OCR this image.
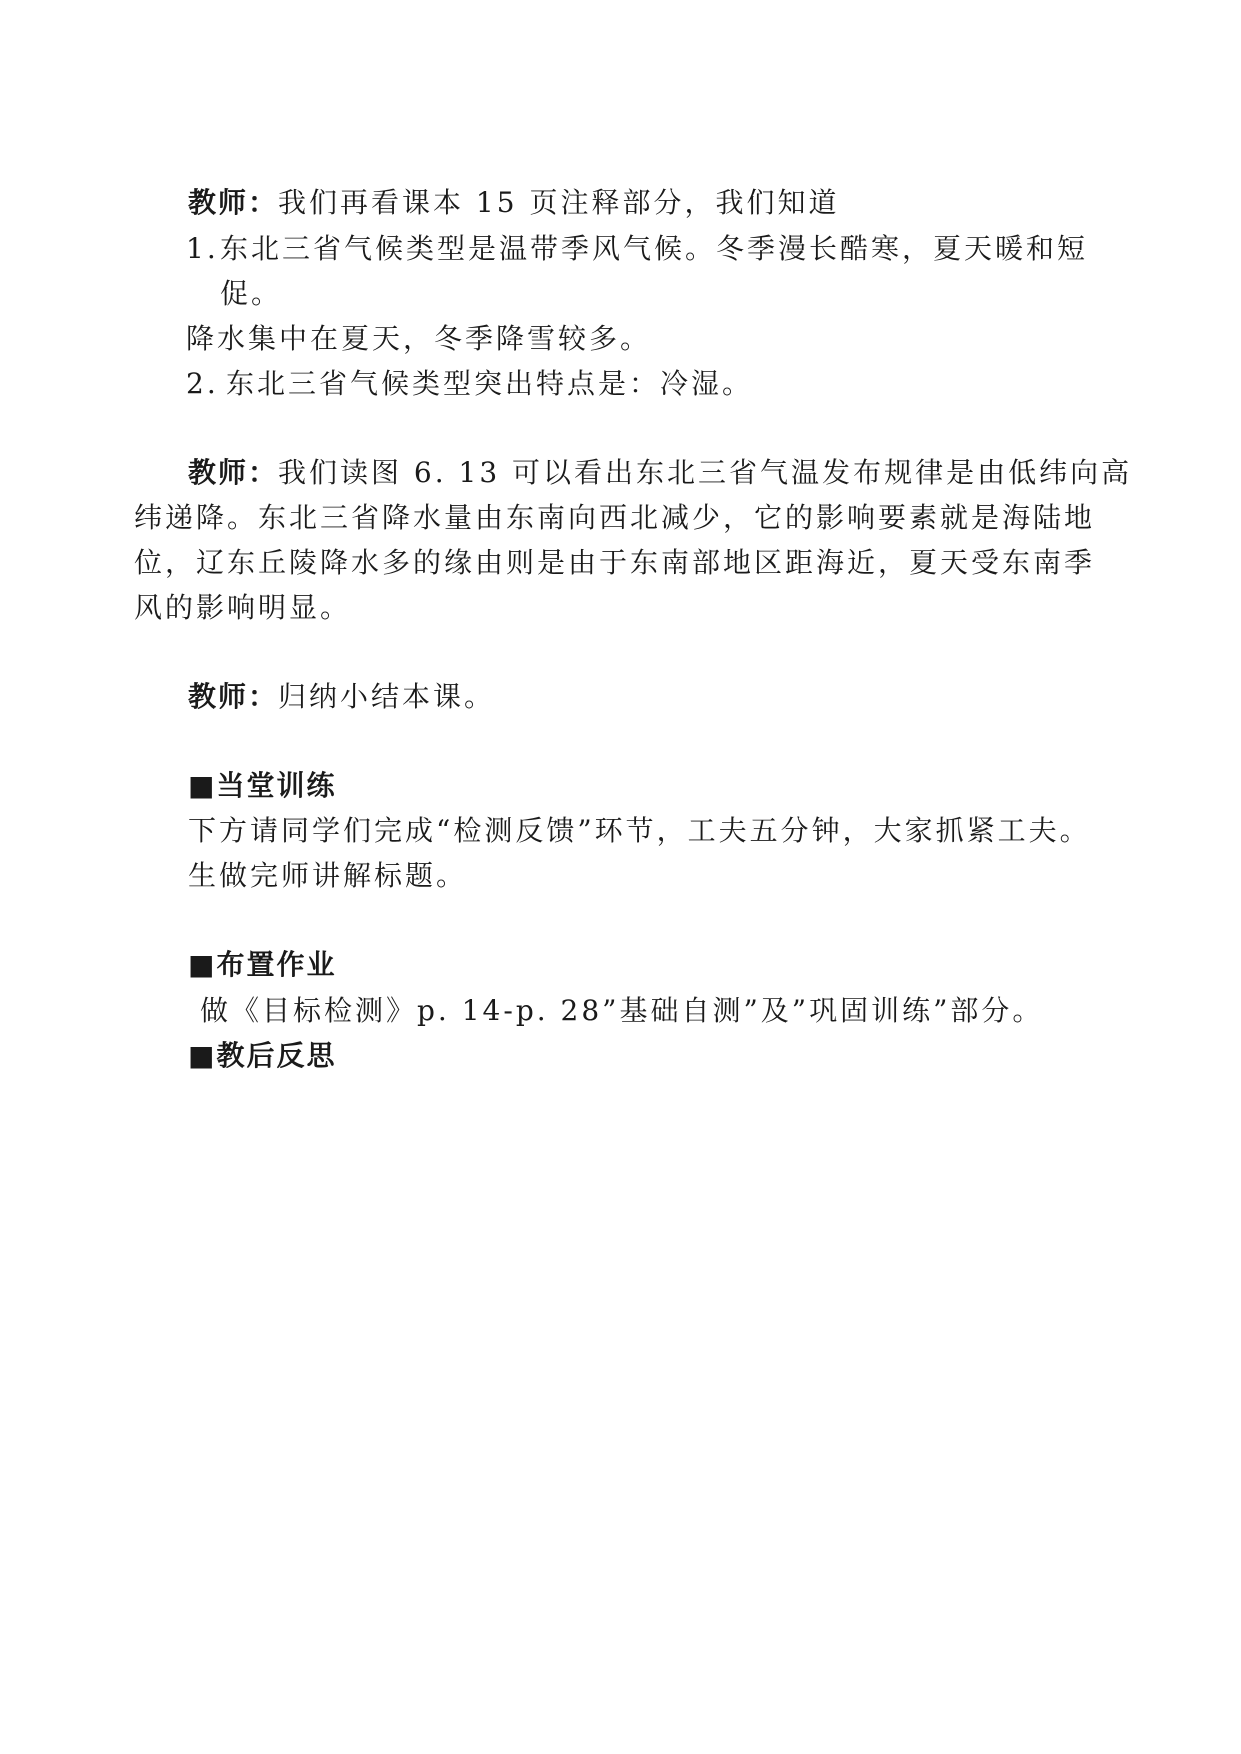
教师：我们再看课本 15 页注释部分，我们知道
1. 东北三省气候类型是温带季风气候。冬季漫长酷寒，夏天暖和短
促。
降水集中在夏天，冬季降雪较多。
2. 东北三省气候类型突出特点是：冷湿。
教师：我们读图 6. 13 可以看出东北三省气温发布规律是由低纬向高
纬递降。东北三省降水量由东南向西北减少，它的影响要素就是海陆地
位，辽东丘陵降水多的缘由则是由于东南部地区距海近，夏天受东南季
风的影响明显。
教师：归纳小结本课。
■当堂训练
下方请同学们完成“检测反馈”环节，工夫五分钟，大家抓紧工夫。
生做完师讲解标题。
■布置作业
做《目标检测》p. 14-p. 28”基础自测”及”巩固训练”部分。
■教后反思
